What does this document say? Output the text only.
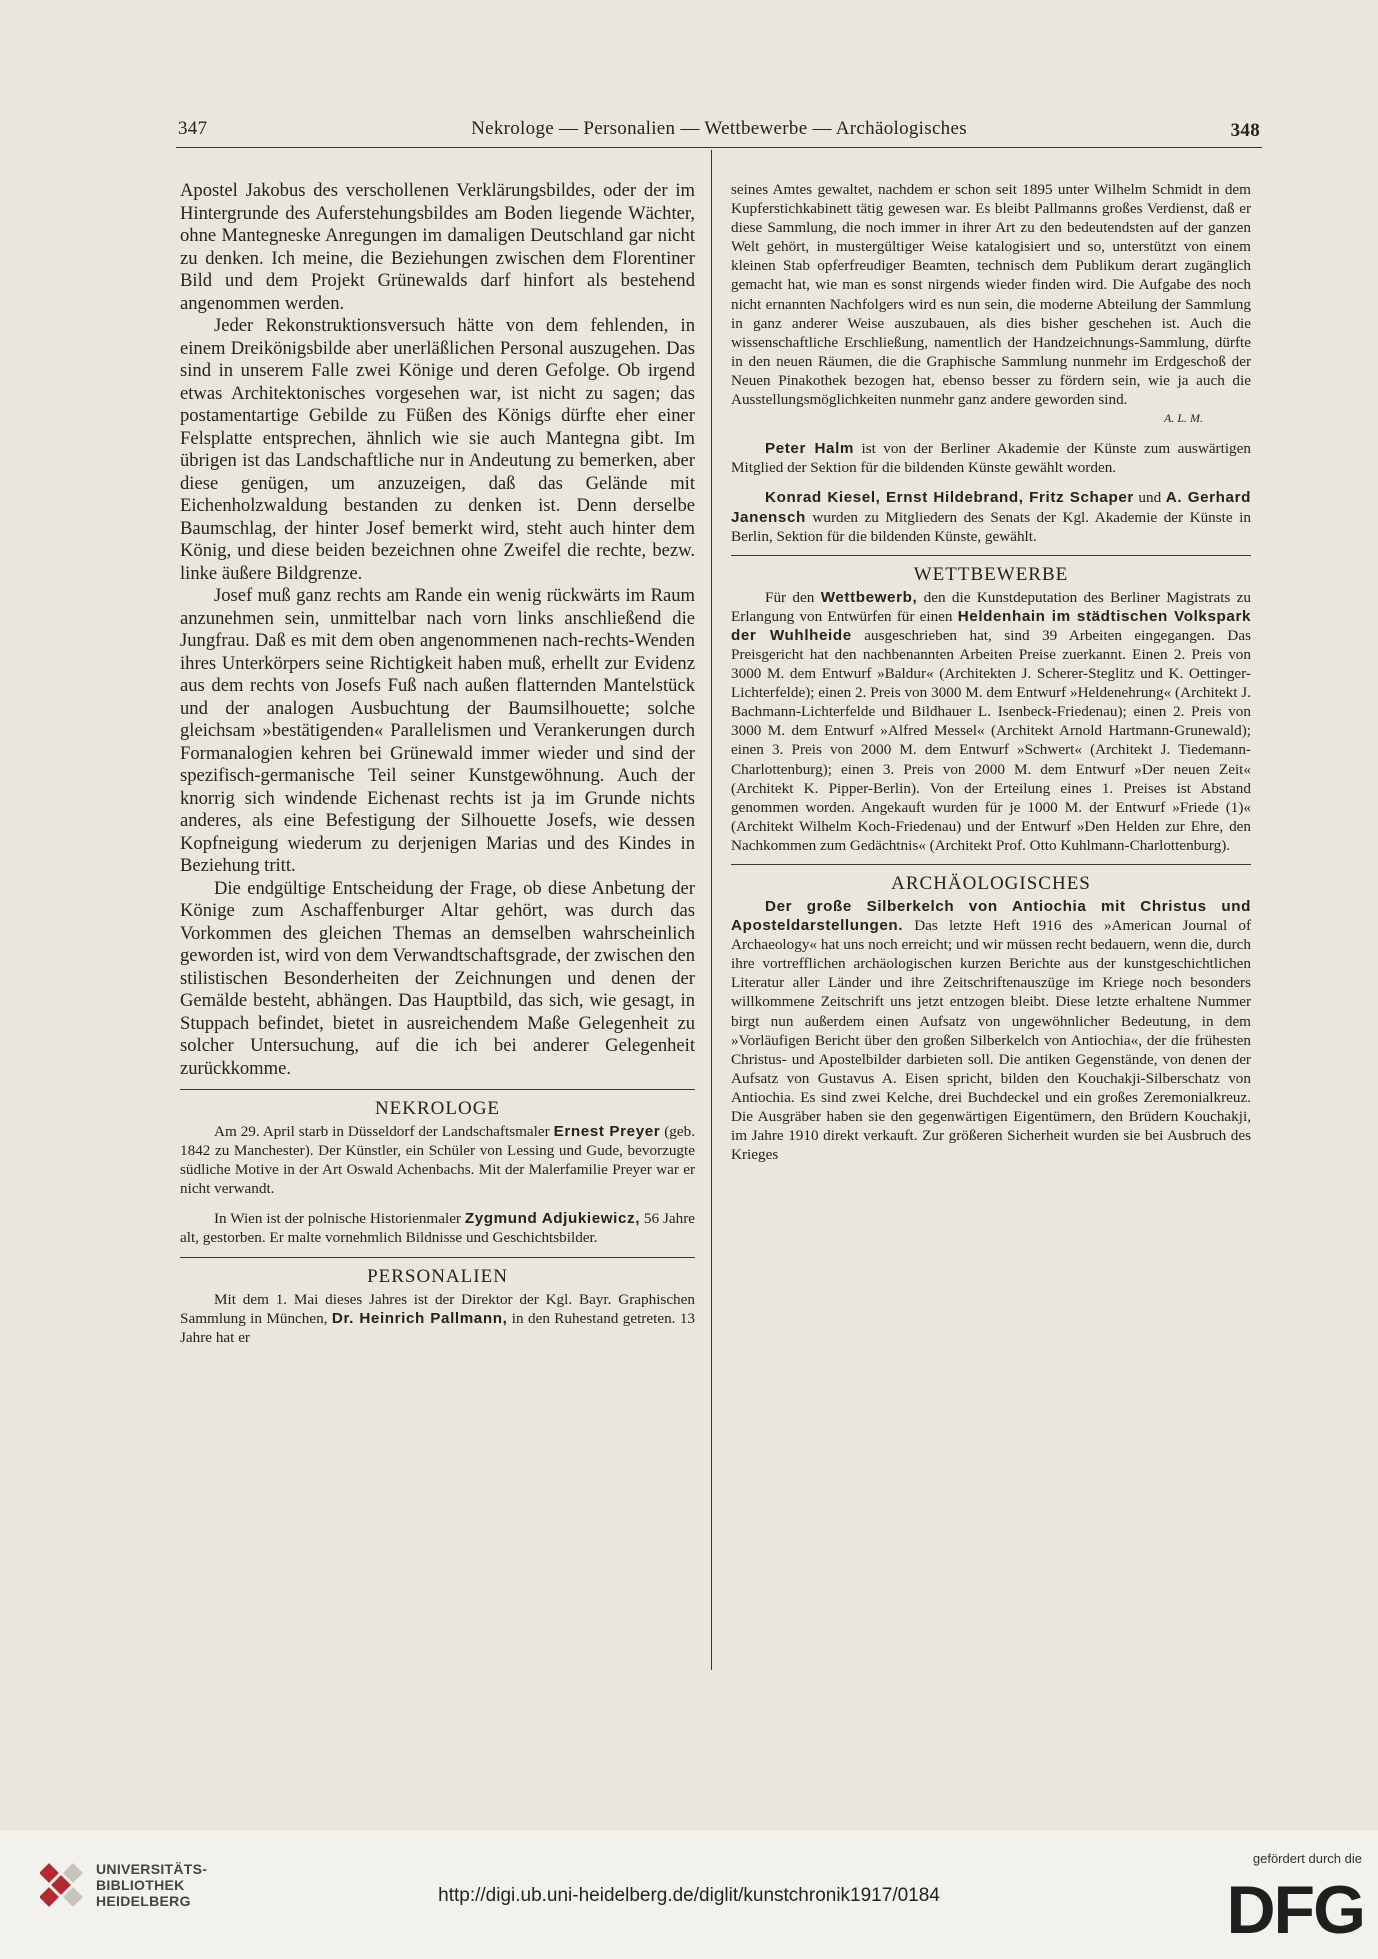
347	Nekrologe — Personalien — Wettbewerbe — Archäologisches	348

Apostel Jakobus des verschollenen Verklärungsbildes, oder der im Hintergrunde des Auferstehungsbildes am Boden liegende Wächter, ohne Mantegneske Anregungen im damaligen Deutschland gar nicht zu denken. Ich meine, die Beziehungen zwischen dem Florentiner Bild und dem Projekt Grünewalds darf hinfort als bestehend angenommen werden.

Jeder Rekonstruktionsversuch hätte von dem fehlenden, in einem Dreikönigsbilde aber unerläßlichen Personal auszugehen. Das sind in unserem Falle zwei Könige und deren Gefolge. Ob irgend etwas Architektonisches vorgesehen war, ist nicht zu sagen; das postamentartige Gebilde zu Füßen des Königs dürfte eher einer Felsplatte entsprechen, ähnlich wie sie auch Mantegna gibt. Im übrigen ist das Landschaftliche nur in Andeutung zu bemerken, aber diese genügen, um anzuzeigen, daß das Gelände mit Eichenholzwaldung bestanden zu denken ist. Denn derselbe Baumschlag, der hinter Josef bemerkt wird, steht auch hinter dem König, und diese beiden bezeichnen ohne Zweifel die rechte, bezw. linke äußere Bildgrenze.

Josef muß ganz rechts am Rande ein wenig rückwärts im Raum anzunehmen sein, unmittelbar nach vorn links anschließend die Jungfrau. Daß es mit dem oben angenommenen nach-rechts-Wenden ihres Unterkörpers seine Richtigkeit haben muß, erhellt zur Evidenz aus dem rechts von Josefs Fuß nach außen flatternden Mantelstück und der analogen Ausbuchtung der Baumsilhouette; solche gleichsam »bestätigenden« Parallelismen und Verankerungen durch Formanalogien kehren bei Grünewald immer wieder und sind der spezifisch-germanische Teil seiner Kunstgewöhnung. Auch der knorrig sich windende Eichenast rechts ist ja im Grunde nichts anderes, als eine Befestigung der Silhouette Josefs, wie dessen Kopfneigung wiederum zu derjenigen Marias und des Kindes in Beziehung tritt.

Die endgültige Entscheidung der Frage, ob diese Anbetung der Könige zum Aschaffenburger Altar gehört, was durch das Vorkommen des gleichen Themas an demselben wahrscheinlich geworden ist, wird von dem Verwandtschaftsgrade, der zwischen den stilistischen Besonderheiten der Zeichnungen und denen der Gemälde besteht, abhängen. Das Hauptbild, das sich, wie gesagt, in Stuppach befindet, bietet in ausreichendem Maße Gelegenheit zu solcher Untersuchung, auf die ich bei anderer Gelegenheit zurückkomme.

NEKROLOGE

Am 29. April starb in Düsseldorf der Landschaftsmaler Ernest Preyer (geb. 1842 zu Manchester). Der Künstler, ein Schüler von Lessing und Gude, bevorzugte südliche Motive in der Art Oswald Achenbachs. Mit der Malerfamilie Preyer war er nicht verwandt.

In Wien ist der polnische Historienmaler Zygmund Adjukiewicz, 56 Jahre alt, gestorben. Er malte vornehmlich Bildnisse und Geschichtsbilder.

PERSONALIEN

Mit dem 1. Mai dieses Jahres ist der Direktor der Kgl. Bayr. Graphischen Sammlung in München, Dr. Heinrich Pallmann, in den Ruhestand getreten. 13 Jahre hat er

seines Amtes gewaltet, nachdem er schon seit 1895 unter Wilhelm Schmidt in dem Kupferstichkabinett tätig gewesen war. Es bleibt Pallmanns großes Verdienst, daß er diese Sammlung, die noch immer in ihrer Art zu den bedeutendsten auf der ganzen Welt gehört, in mustergültiger Weise katalogisiert und so, unterstützt von einem kleinen Stab opferfreudiger Beamten, technisch dem Publikum derart zugänglich gemacht hat, wie man es sonst nirgends wieder finden wird. Die Aufgabe des noch nicht ernannten Nachfolgers wird es nun sein, die moderne Abteilung der Sammlung in ganz anderer Weise auszubauen, als dies bisher geschehen ist. Auch die wissenschaftliche Erschließung, namentlich der Handzeichnungs-Sammlung, dürfte in den neuen Räumen, die die Graphische Sammlung nunmehr im Erdgeschoß der Neuen Pinakothek bezogen hat, ebenso besser zu fördern sein, wie ja auch die Ausstellungsmöglichkeiten nunmehr ganz andere geworden sind.

A. L. M.

Peter Halm ist von der Berliner Akademie der Künste zum auswärtigen Mitglied der Sektion für die bildenden Künste gewählt worden.

Konrad Kiesel, Ernst Hildebrand, Fritz Schaper und A. Gerhard Janensch wurden zu Mitgliedern des Senats der Kgl. Akademie der Künste in Berlin, Sektion für die bildenden Künste, gewählt.

WETTBEWERBE

Für den Wettbewerb, den die Kunstdeputation des Berliner Magistrats zu Erlangung von Entwürfen für einen Heldenhain im städtischen Volkspark der Wuhlheide ausgeschrieben hat, sind 39 Arbeiten eingegangen. Das Preisgericht hat den nachbenannten Arbeiten Preise zuerkannt. Einen 2. Preis von 3000 M. dem Entwurf »Baldur« (Architekten J. Scherer-Steglitz und K. Oettinger-Lichterfelde); einen 2. Preis von 3000 M. dem Entwurf »Heldenehrung« (Architekt J. Bachmann-Lichterfelde und Bildhauer L. Isenbeck-Friedenau); einen 2. Preis von 3000 M. dem Entwurf »Alfred Messel« (Architekt Arnold Hartmann-Grunewald); einen 3. Preis von 2000 M. dem Entwurf »Schwert« (Architekt J. Tiedemann-Charlottenburg); einen 3. Preis von 2000 M. dem Entwurf »Der neuen Zeit« (Architekt K. Pipper-Berlin). Von der Erteilung eines 1. Preises ist Abstand genommen worden. Angekauft wurden für je 1000 M. der Entwurf »Friede (1)« (Architekt Wilhelm Koch-Friedenau) und der Entwurf »Den Helden zur Ehre, den Nachkommen zum Gedächtnis« (Architekt Prof. Otto Kuhlmann-Charlottenburg).

ARCHÄOLOGISCHES

Der große Silberkelch von Antiochia mit Christus und Aposteldarstellungen. Das letzte Heft 1916 des »American Journal of Archaeology« hat uns noch erreicht; und wir müssen recht bedauern, wenn die, durch ihre vortrefflichen archäologischen kurzen Berichte aus der kunstgeschichtlichen Literatur aller Länder und ihre Zeitschriftenauszüge im Kriege noch besonders willkommene Zeitschrift uns jetzt entzogen bleibt. Diese letzte erhaltene Nummer birgt nun außerdem einen Aufsatz von ungewöhnlicher Bedeutung, in dem »Vorläufigen Bericht über den großen Silberkelch von Antiochia«, der die frühesten Christus- und Apostelbilder darbieten soll. Die antiken Gegenstände, von denen der Aufsatz von Gustavus A. Eisen spricht, bilden den Kouchakji-Silberschatz von Antiochia. Es sind zwei Kelche, drei Buchdeckel und ein großes Zeremonialkreuz. Die Ausgräber haben sie den gegenwärtigen Eigentümern, den Brüdern Kouchakji, im Jahre 1910 direkt verkauft. Zur größeren Sicherheit wurden sie bei Ausbruch des Krieges

UNIVERSITÄTS-
BIBLIOTHEK
HEIDELBERG	http://digi.ub.uni-heidelberg.de/diglit/kunstchronik1917/0184
gefördert durch die
DFG
